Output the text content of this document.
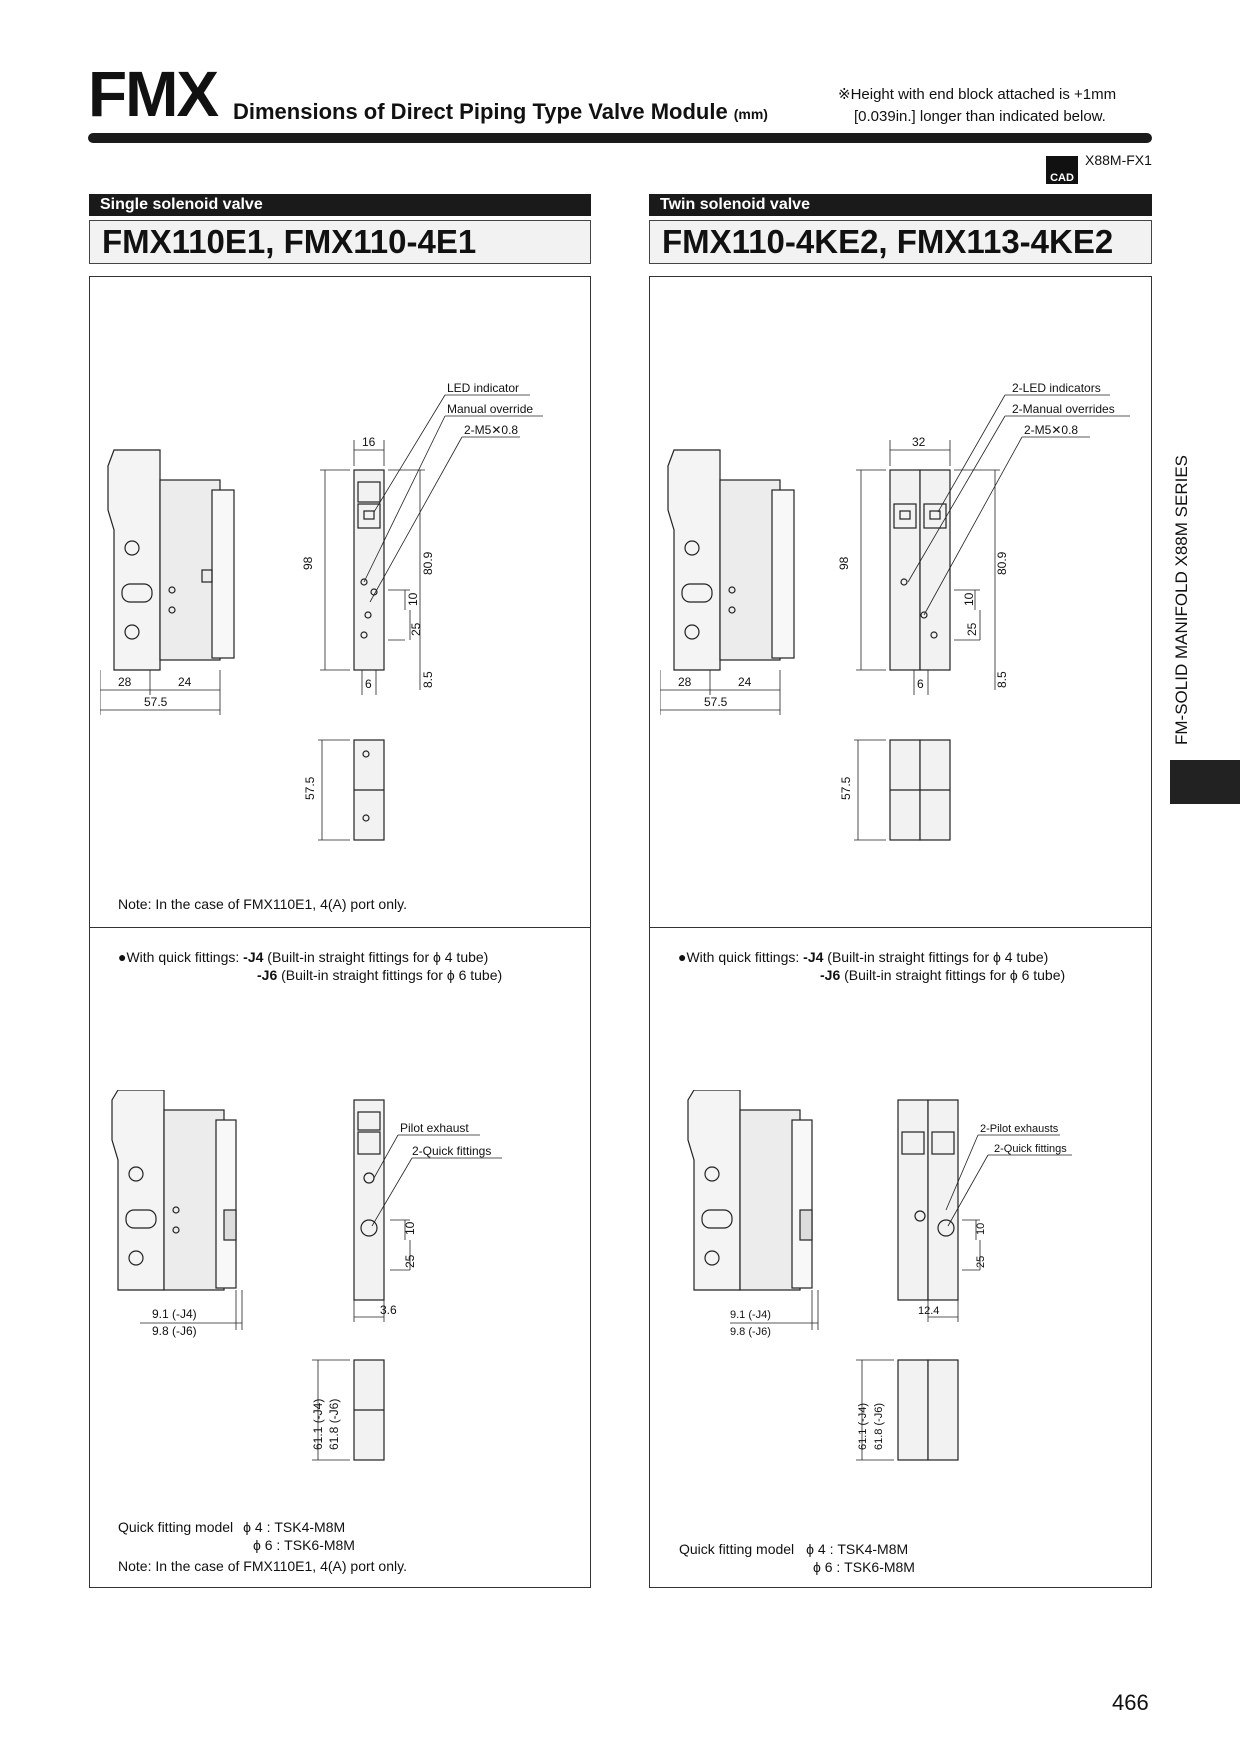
FMX Dimensions of Direct Piping Type Valve Module (mm)
※Height with end block attached is +1mm
[0.039in.] longer than indicated below.
CAD
X88M-FX1
Single solenoid valve
FMX110E1, FMX110-4E1
Twin solenoid valve
FMX110-4KE2, FMX113-4KE2
LED indicator
Manual override
2-M5✕0.8
16
98	80.9
10
25
8.5
6
28	24
57.5
57.5
Note: In the case of FMX110E1, 4(A) port only.
●With quick fittings: -J4 (Built-in straight fittings for ϕ 4 tube)
-J6 (Built-in straight fittings for ϕ 6 tube)
Pilot exhaust
2-Quick fittings
10
25
3.6
9.1 (-J4)
9.8 (-J6)
61.1 (-J4) 61.8 (-J6)
Quick fitting model ϕ 4 : TSK4-M8M
ϕ 6 : TSK6-M8M
Note: In the case of FMX110E1, 4(A) port only.
2-LED indicators
2-Manual overrides
2-M5✕0.8
32
98	80.9
10
25
8.5
6
28	24
57.5
57.5
●With quick fittings: -J4 (Built-in straight fittings for ϕ 4 tube)
-J6 (Built-in straight fittings for ϕ 6 tube)
2-Pilot exhausts
2-Quick fittings
10
25
12.4
9.1 (-J4)
9.8 (-J6)
61.1 (-J4) 61.8 (-J6)
Quick fitting model ϕ 4 : TSK4-M8M
ϕ 6 : TSK6-M8M
FM-SOLID MANIFOLD X88M SERIES
466
